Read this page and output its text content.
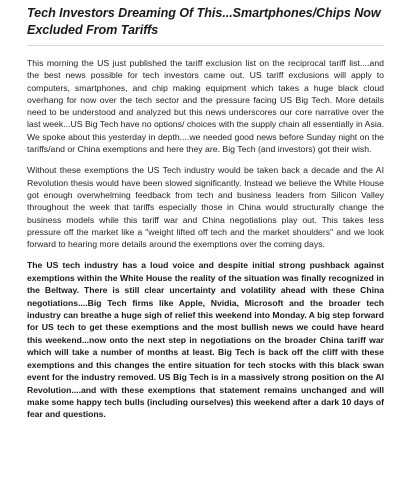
Tech Investors Dreaming Of This...Smartphones/Chips Now Excluded From Tariffs

This morning the US just published the tariff exclusion list on the reciprocal tariff list....and the best news possible for tech investors came out. US tariff exclusions will apply to computers, smartphones, and chip making equipment which takes a huge black cloud overhang for now over the tech sector and the pressure facing US Big Tech. More details need to be understood and analyzed but this news underscores our core narrative over the last week...US Big Tech have no options/ choices with the supply chain all essentially in Asia. We spoke about this yesterday in depth....we needed good news before Sunday night on the tariffs/and or China exemptions and here they are. Big Tech (and investors) got their wish.

Without these exemptions the US Tech industry would be taken back a decade and the AI Revolution thesis would have been slowed significantly. Instead we believe the White House got enough overwhelming feedback from tech and business leaders from Silicon Valley throughout the week that tariffs especially those in China would structurally change the business models while this tariff war and China negotiations play out. This takes less pressure off the market like a "weight lifted off tech and the market shoulders" and we look forward to hearing more details around the exemptions over the coming days.

The US tech industry has a loud voice and despite initial strong pushback against exemptions within the White House the reality of the situation was finally recognized in the Beltway. There is still clear uncertainty and volatility ahead with these China negotiations....Big Tech firms like Apple, Nvidia, Microsoft and the broader tech industry can breathe a huge sigh of relief this weekend into Monday. A big step forward for US tech to get these exemptions and the most bullish news we could have heard this weekend...now onto the next step in negotiations on the broader China tariff war which will take a number of months at least. Big Tech is back off the cliff with these exemptions and this changes the entire situation for tech stocks with this black swan event for the industry removed. US Big Tech is in a massively strong position on the AI Revolution....and with these exemptions that statement remains unchanged and will make some happy tech bulls (including ourselves) this weekend after a dark 10 days of fear and questions.
